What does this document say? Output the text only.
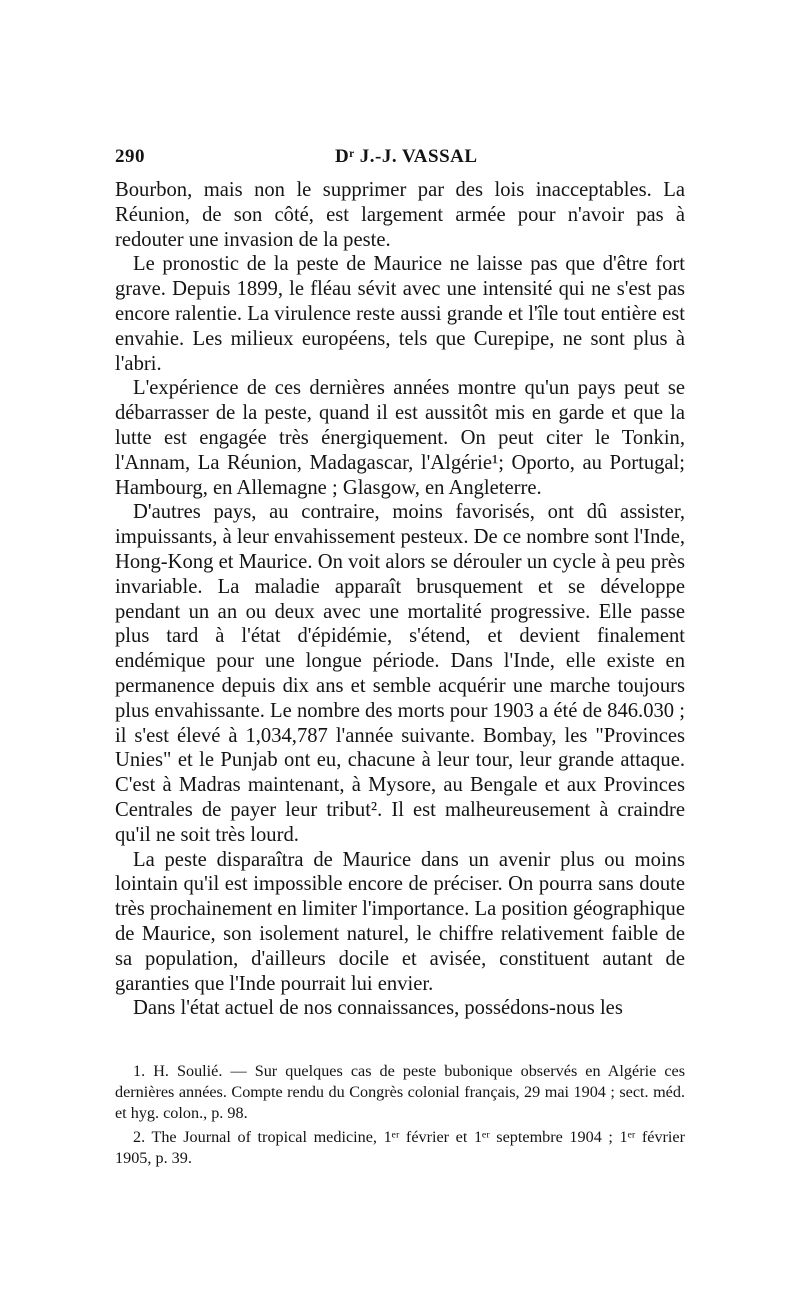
290	Dʳ J.-J. VASSAL

Bourbon, mais non le supprimer par des lois inacceptables. La Réunion, de son côté, est largement armée pour n'avoir pas à redouter une invasion de la peste.

Le pronostic de la peste de Maurice ne laisse pas que d'être fort grave. Depuis 1899, le fléau sévit avec une intensité qui ne s'est pas encore ralentie. La virulence reste aussi grande et l'île tout entière est envahie. Les milieux européens, tels que Curepipe, ne sont plus à l'abri.

L'expérience de ces dernières années montre qu'un pays peut se débarrasser de la peste, quand il est aussitôt mis en garde et que la lutte est engagée très énergiquement. On peut citer le Tonkin, l'Annam, La Réunion, Madagascar, l'Algérie¹; Oporto, au Portugal; Hambourg, en Allemagne ; Glasgow, en Angleterre.

D'autres pays, au contraire, moins favorisés, ont dû assister, impuissants, à leur envahissement pesteux. De ce nombre sont l'Inde, Hong-Kong et Maurice. On voit alors se dérouler un cycle à peu près invariable. La maladie apparaît brusquement et se développe pendant un an ou deux avec une mortalité progressive. Elle passe plus tard à l'état d'épidémie, s'étend, et devient finalement endémique pour une longue période. Dans l'Inde, elle existe en permanence depuis dix ans et semble acquérir une marche toujours plus envahissante. Le nombre des morts pour 1903 a été de 846.030 ; il s'est élevé à 1,034,787 l'année suivante. Bombay, les "Provinces Unies" et le Punjab ont eu, chacune à leur tour, leur grande attaque. C'est à Madras maintenant, à Mysore, au Bengale et aux Provinces Centrales de payer leur tribut². Il est malheureusement à craindre qu'il ne soit très lourd.

La peste disparaîtra de Maurice dans un avenir plus ou moins lointain qu'il est impossible encore de préciser. On pourra sans doute très prochainement en limiter l'importance. La position géographique de Maurice, son isolement naturel, le chiffre relativement faible de sa population, d'ailleurs docile et avisée, constituent autant de garanties que l'Inde pourrait lui envier.

Dans l'état actuel de nos connaissances, possédons-nous les

1. H. Soulié. — Sur quelques cas de peste bubonique observés en Algérie ces dernières années. Compte rendu du Congrès colonial français, 29 mai 1904 ; sect. méd. et hyg. colon., p. 98.

2. The Journal of tropical medicine, 1ᵉʳ février et 1ᵉʳ septembre 1904 ; 1ᵉʳ février 1905, p. 39.
